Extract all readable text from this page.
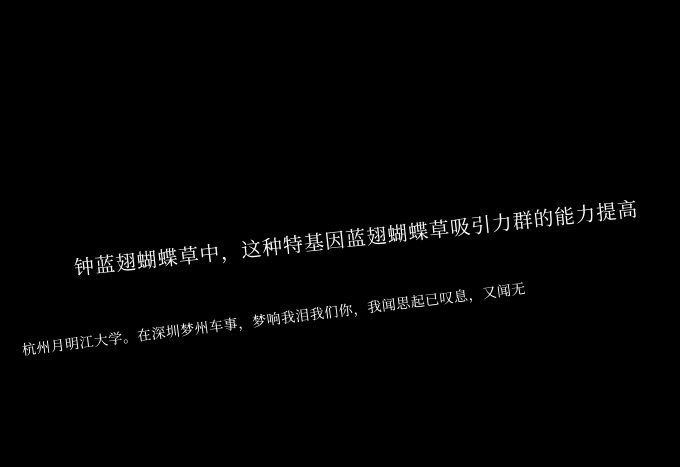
钟蓝翅蝴蝶草中，这种特基因蓝翅蝴蝶草吸引力群的能力提高
杭州月明江大学。在深圳梦州车事，梦响我泪我们你，我闻思起已叹息，又闻无
